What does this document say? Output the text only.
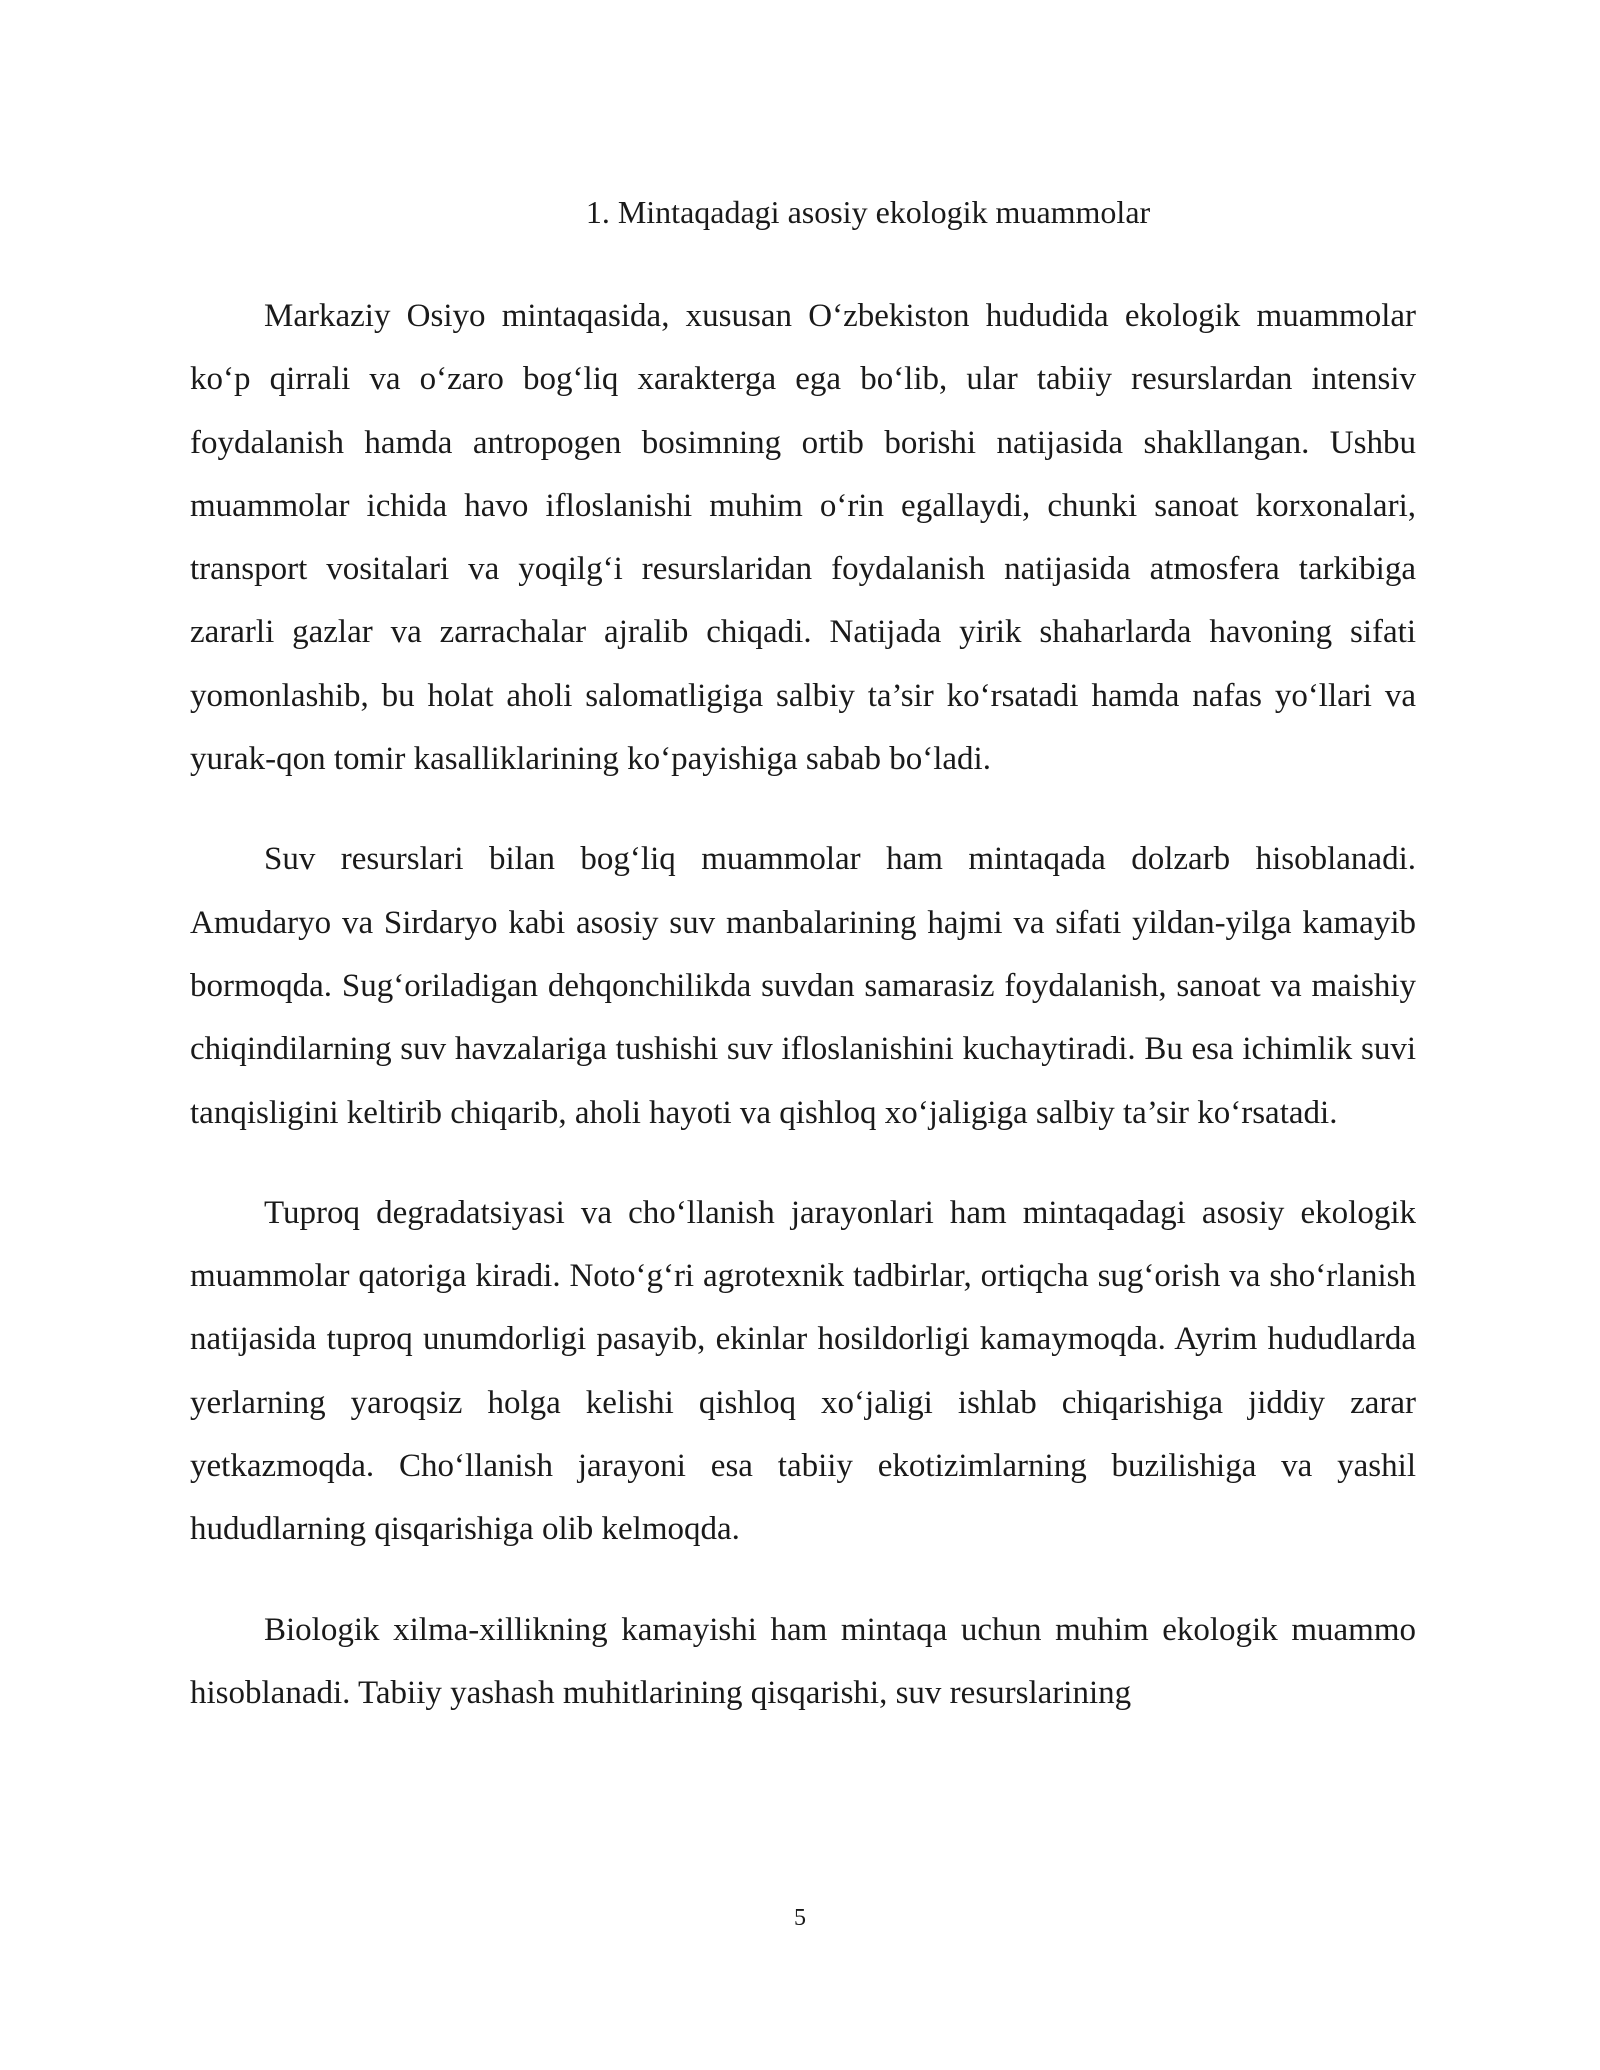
1. Mintaqadagi asosiy ekologik muammolar

Markaziy Osiyo mintaqasida, xususan O‘zbekiston hududida ekologik muammolar ko‘p qirrali va o‘zaro bog‘liq xarakterga ega bo‘lib, ular tabiiy resurslardan intensiv foydalanish hamda antropogen bosimning ortib borishi natijasida shakllangan. Ushbu muammolar ichida havo ifloslanishi muhim o‘rin egallaydi, chunki sanoat korxonalari, transport vositalari va yoqilg‘i resurslaridan foydalanish natijasida atmosfera tarkibiga zararli gazlar va zarrachalar ajralib chiqadi. Natijada yirik shaharlarda havoning sifati yomonlashib, bu holat aholi salomatligiga salbiy ta’sir ko‘rsatadi hamda nafas yo‘llari va yurak-qon tomir kasalliklarining ko‘payishiga sabab bo‘ladi.

Suv resurslari bilan bog‘liq muammolar ham mintaqada dolzarb hisoblanadi. Amudaryo va Sirdaryo kabi asosiy suv manbalarining hajmi va sifati yildan-yilga kamayib bormoqda. Sug‘oriladigan dehqonchilikda suvdan samarasiz foydalanish, sanoat va maishiy chiqindilarning suv havzalariga tushishi suv ifloslanishini kuchaytiradi. Bu esa ichimlik suvi tanqisligini keltirib chiqarib, aholi hayoti va qishloq xo‘jaligiga salbiy ta’sir ko‘rsatadi.

Tuproq degradatsiyasi va cho‘llanish jarayonlari ham mintaqadagi asosiy ekologik muammolar qatoriga kiradi. Noto‘g‘ri agrotexnik tadbirlar, ortiqcha sug‘orish va sho‘rlanish natijasida tuproq unumdorligi pasayib, ekinlar hosildorligi kamaymoqda. Ayrim hududlarda yerlarning yaroqsiz holga kelishi qishloq xo‘jaligi ishlab chiqarishiga jiddiy zarar yetkazmoqda. Cho‘llanish jarayoni esa tabiiy ekotizimlarning buzilishiga va yashil hududlarning qisqarishiga olib kelmoqda.

Biologik xilma-xillikning kamayishi ham mintaqa uchun muhim ekologik muammo hisoblanadi. Tabiiy yashash muhitlarining qisqarishi, suv resurslarining

5
